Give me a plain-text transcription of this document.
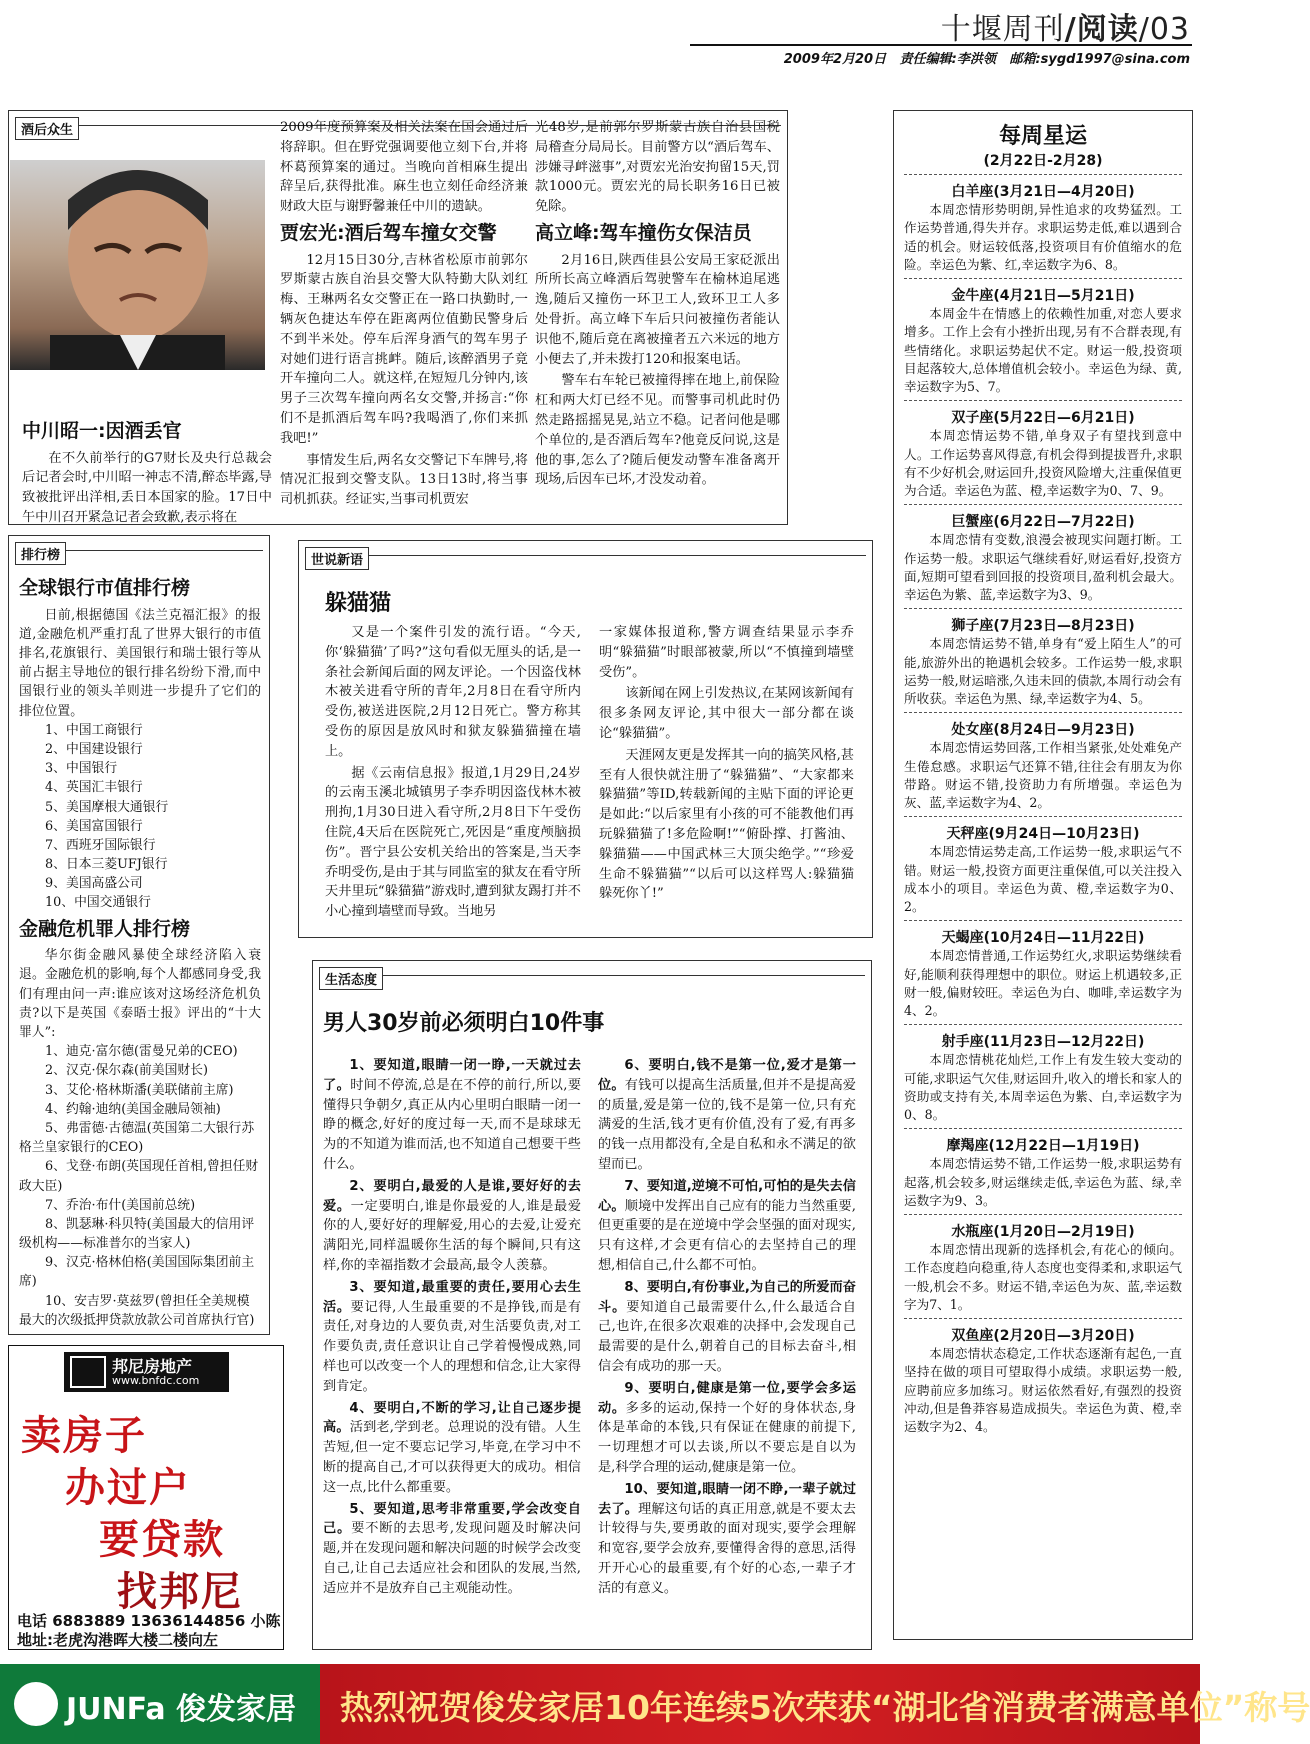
十堰周刊/阅读/03
2009年2月20日 责任编辑:李洪领 邮箱:sygd1997@sina.com
酒后众生
中川昭一:因酒丢官
在不久前举行的G7财长及央行总裁会后记者会时,中川昭一神志不清,醉态毕露,导致被批评出洋相,丢日本国家的脸。17日中午中川召开紧急记者会致歉,表示将在
2009年度预算案及相关法案在国会通过后将辞职。但在野党强调要他立刻下台,并将杯葛预算案的通过。当晚向首相麻生提出辞呈后,获得批准。麻生也立刻任命经济兼财政大臣与谢野馨兼任中川的遗缺。
贾宏光:酒后驾车撞女交警
12月15日30分,吉林省松原市前郭尔罗斯蒙古族自治县交警大队特勤大队刘红梅、王琳两名女交警正在一路口执勤时,一辆灰色捷达车停在距离两位值勤民警身后不到半米处。停车后浑身酒气的驾车男子对她们进行语言挑衅。随后,该醉酒男子竟开车撞向二人。就这样,在短短几分钟内,该男子三次驾车撞向两名女交警,并扬言:“你们不是抓酒后驾车吗?我喝酒了,你们来抓我吧!”
事情发生后,两名女交警记下车牌号,将情况汇报到交警支队。13日13时,将当事司机抓获。经证实,当事司机贾宏
光48岁,是前郭尔罗斯蒙古族自治县国税局稽查分局局长。目前警方以“酒后驾车、涉嫌寻衅滋事”,对贾宏光治安拘留15天,罚款1000元。贾宏光的局长职务16日已被免除。
高立峰:驾车撞伤女保洁员
2月16日,陕西佳县公安局王家砭派出所所长高立峰酒后驾驶警车在榆林追尾逃逸,随后又撞伤一环卫工人,致环卫工人多处骨折。高立峰下车后只问被撞伤者能认识他不,随后竟在离被撞者五六米远的地方小便去了,并未拨打120和报案电话。
警车右车轮已被撞得摔在地上,前保险杠和两大灯已经不见。而警事司机此时仍然走路摇摇晃晃,站立不稳。记者问他是哪个单位的,是否酒后驾车?他竟反问说,这是他的事,怎么了?随后便发动警车准备离开现场,后因车已坏,才没发动着。
排行榜
全球银行市值排行榜
日前,根据德国《法兰克福汇报》的报道,金融危机严重打乱了世界大银行的市值排名,花旗银行、美国银行和瑞士银行等从前占据主导地位的银行排名纷纷下滑,而中国银行业的领头羊则进一步提升了它们的排位位置。
1、中国工商银行
2、中国建设银行
3、中国银行
4、英国汇丰银行
5、美国摩根大通银行
6、美国富国银行
7、西班牙国际银行
8、日本三菱UFJ银行
9、美国高盛公司
10、中国交通银行
金融危机罪人排行榜
华尔街金融风暴使全球经济陷入衰退。金融危机的影响,每个人都感同身受,我们有理由问一声:谁应该对这场经济危机负责?以下是英国《泰晤士报》评出的“十大罪人”:
1、迪克·富尔德(雷曼兄弟的CEO)
2、汉克·保尔森(前美国财长)
3、艾伦·格林斯潘(美联储前主席)
4、约翰·迪纳(美国金融局领袖)
5、弗雷德·古德温(英国第二大银行苏格兰皇家银行的CEO)
6、戈登·布朗(英国现任首相,曾担任财政大臣)
7、乔治·布什(美国前总统)
8、凯瑟琳·科贝特(美国最大的信用评级机构——标准普尔的当家人)
9、汉克·格林伯格(美国国际集团前主席)
10、安吉罗·莫兹罗(曾担任全美规模最大的次级抵押贷款放款公司首席执行官)
世说新语
躲猫猫
又是一个案件引发的流行语。“今天,你‘躲猫猫’了吗?”这句看似无厘头的话,是一条社会新闻后面的网友评论。一个因盗伐林木被关进看守所的青年,2月8日在看守所内受伤,被送进医院,2月12日死亡。警方称其受伤的原因是放风时和狱友躲猫猫撞在墙上。
据《云南信息报》报道,1月29日,24岁的云南玉溪北城镇男子李乔明因盗伐林木被刑拘,1月30日进入看守所,2月8日下午受伤住院,4天后在医院死亡,死因是“重度颅脑损伤”。晋宁县公安机关给出的答案是,当天李乔明受伤,是由于其与同监室的狱友在看守所天井里玩“躲猫猫”游戏时,遭到狱友踢打并不小心撞到墙壁而导致。当地另
一家媒体报道称,警方调查结果显示李乔明“躲猫猫”时眼部被蒙,所以“不慎撞到墙壁受伤”。
该新闻在网上引发热议,在某网该新闻有很多条网友评论,其中很大一部分都在谈论“躲猫猫”。
天涯网友更是发挥其一向的搞笑风格,甚至有人很快就注册了“躲猫猫”、“大家都来躲猫猫”等ID,转载新闻的主贴下面的评论更是如此:“以后家里有小孩的可不能教他们再玩躲猫猫了!多危险啊!”“俯卧撑、打酱油、躲猫猫——中国武林三大顶尖绝学。”“珍爱生命不躲猫猫”“以后可以这样骂人:躲猫猫躲死你丫!”
生活态度
男人30岁前必须明白10件事
1、要知道,眼睛一闭一睁,一天就过去了。时间不停流,总是在不停的前行,所以,要懂得只争朝夕,真正从内心里明白眼睛一闭一睁的概念,好好的度过每一天,而不是球球无为的不知道为谁而活,也不知道自己想要干些什么。
2、要明白,最爱的人是谁,要好好的去爱。一定要明白,谁是你最爱的人,谁是最爱你的人,要好好的理解爱,用心的去爱,让爱充满阳光,同样温暖你生活的每个瞬间,只有这样,你的幸福指数才会最高,最令人羡慕。
3、要知道,最重要的责任,要用心去生活。要记得,人生最重要的不是挣钱,而是有责任,对身边的人要负责,对生活要负责,对工作要负责,责任意识让自己学着慢慢成熟,同样也可以改变一个人的理想和信念,让大家得到肯定。
4、要明白,不断的学习,让自己逐步提高。活到老,学到老。总理说的没有错。人生苦短,但一定不要忘记学习,毕竟,在学习中不断的提高自己,才可以获得更大的成功。相信这一点,比什么都重要。
5、要知道,思考非常重要,学会改变自己。要不断的去思考,发现问题及时解决问题,并在发现问题和解决问题的时候学会改变自己,让自己去适应社会和团队的发展,当然,适应并不是放弃自己主观能动性。
6、要明白,钱不是第一位,爱才是第一位。有钱可以提高生活质量,但并不是提高爱的质量,爱是第一位的,钱不是第一位,只有充满爱的生活,钱才更有价值,没有了爱,有再多的钱一点用都没有,全是自私和永不满足的欲望而已。
7、要知道,逆境不可怕,可怕的是失去信心。顺境中发挥出自己应有的能力当然重要,但更重要的是在逆境中学会坚强的面对现实,只有这样,才会更有信心的去坚持自己的理想,相信自己,什么都不可怕。
8、要明白,有份事业,为自己的所爱而奋斗。要知道自己最需要什么,什么最适合自己,也许,在很多次艰难的决择中,会发现自己最需要的是什么,朝着自己的目标去奋斗,相信会有成功的那一天。
9、要明白,健康是第一位,要学会多运动。多多的运动,保持一个好的身体状态,身体是革命的本钱,只有保证在健康的前提下,一切理想才可以去谈,所以不要忘是自以为是,科学合理的运动,健康是第一位。
10、要知道,眼睛一闭不睁,一辈子就过去了。理解这句话的真正用意,就是不要太去计较得与失,要勇敢的面对现实,要学会理解和宽容,要学会放弃,要懂得舍得的意思,活得开开心心的最重要,有个好的心态,一辈子才活的有意义。
每周星运
(2月22日-2月28)
白羊座(3月21日—4月20日)
本周恋情形势明朗,异性追求的攻势猛烈。工作运势普通,得失并存。求职运势走低,难以遇到合适的机会。财运较低落,投资项目有价值缩水的危险。幸运色为紫、红,幸运数字为6、8。
金牛座(4月21日—5月21日)
本周金牛在情感上的依赖性加重,对恋人要求增多。工作上会有小挫折出现,另有不合群表现,有些情绪化。求职运势起伏不定。财运一般,投资项目起落较大,总体增值机会较小。幸运色为绿、黄,幸运数字为5、7。
双子座(5月22日—6月21日)
本周恋情运势不错,单身双子有望找到意中人。工作运势喜风得意,有机会得到提拔晋升,求职有不少好机会,财运回升,投资风险增大,注重保值更为合适。幸运色为蓝、橙,幸运数字为0、7、9。
巨蟹座(6月22日—7月22日)
本周恋情有变数,浪漫会被现实问题打断。工作运势一般。求职运气继续看好,财运看好,投资方面,短期可望看到回报的投资项目,盈利机会最大。幸运色为紫、蓝,幸运数字为3、9。
狮子座(7月23日—8月23日)
本周恋情运势不错,单身有“爱上陌生人”的可能,旅游外出的艳遇机会较多。工作运势一般,求职运势一般,财运暗涨,久违未回的债款,本周行动会有所收获。幸运色为黑、绿,幸运数字为4、5。
处女座(8月24日—9月23日)
本周恋情运势回落,工作相当紧张,处处难免产生倦怠感。求职运气还算不错,往往会有朋友为你带路。财运不错,投资助力有所增强。幸运色为灰、蓝,幸运数字为4、2。
天秤座(9月24日—10月23日)
本周恋情运势走高,工作运势一般,求职运气不错。财运一般,投资方面更注重保值,可以关注投入成本小的项目。幸运色为黄、橙,幸运数字为0、2。
天蝎座(10月24日—11月22日)
本周恋情普通,工作运势红火,求职运势继续看好,能顺利获得理想中的职位。财运上机遇较多,正财一般,偏财较旺。幸运色为白、咖啡,幸运数字为4、2。
射手座(11月23日—12月22日)
本周恋情桃花灿烂,工作上有发生较大变动的可能,求职运气欠佳,财运回升,收入的增长和家人的资助或支持有关,本周幸运色为紫、白,幸运数字为0、8。
摩羯座(12月22日—1月19日)
本周恋情运势不错,工作运势一般,求职运势有起落,机会较多,财运继续走低,幸运色为蓝、绿,幸运数字为9、3。
水瓶座(1月20日—2月19日)
本周恋情出现新的选择机会,有花心的倾向。工作态度趋向稳重,待人态度也变得柔和,求职运气一般,机会不多。财运不错,幸运色为灰、蓝,幸运数字为7、1。
双鱼座(2月20日—3月20日)
本周恋情状态稳定,工作状态逐渐有起色,一直坚持在做的项目可望取得小成绩。求职运势一般,应聘前应多加练习。财运依然看好,有强烈的投资冲动,但是鲁莽容易造成损失。幸运色为黄、橙,幸运数字为2、4。
邦尼房地产
www.bnfdc.com
卖房子
办过户
要贷款
找邦尼
电话 6883889 13636144856 小陈
地址:老虎沟港晖大楼二楼向左
JUNFa 俊发家居 热烈祝贺俊发家居10年连续5次荣获“湖北省消费者满意单位”称号
